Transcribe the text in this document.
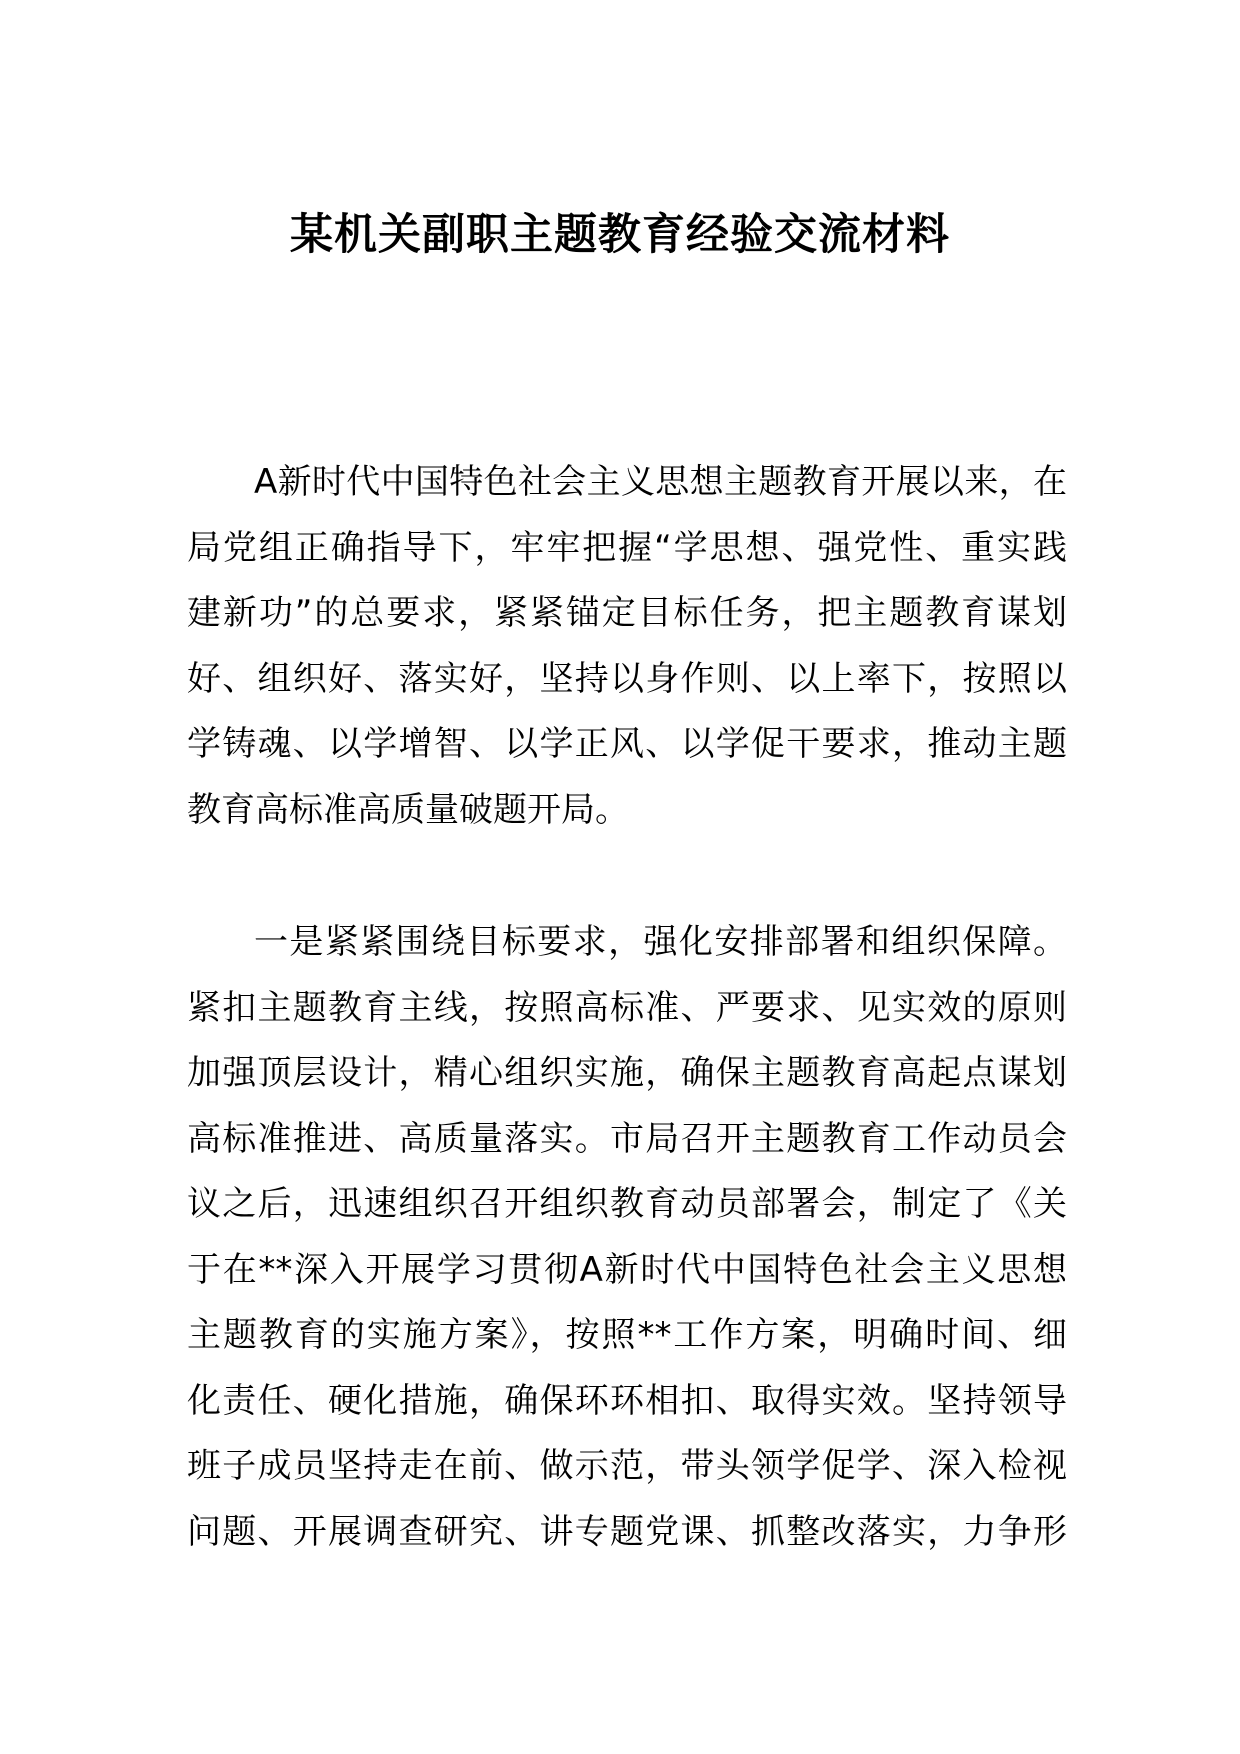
某机关副职主题教育经验交流材料
A新时代中国特色社会主义思想主题教育开展以来，在
局党组正确指导下，牢牢把握“学思想、强党性、重实践
建新功”的总要求，紧紧锚定目标任务，把主题教育谋划
好、组织好、落实好，坚持以身作则、以上率下，按照以
学铸魂、以学增智、以学正风、以学促干要求，推动主题
教育高标准高质量破题开局。
一是紧紧围绕目标要求，强化安排部署和组织保障。
紧扣主题教育主线，按照高标准、严要求、见实效的原则
加强顶层设计，精心组织实施，确保主题教育高起点谋划
高标准推进、高质量落实。市局召开主题教育工作动员会
议之后，迅速组织召开组织教育动员部署会，制定了《关
于在**深入开展学习贯彻A新时代中国特色社会主义思想
主题教育的实施方案》，按照**工作方案，明确时间、细
化责任、硬化措施，确保环环相扣、取得实效。坚持领导
班子成员坚持走在前、做示范，带头领学促学、深入检视
问题、开展调查研究、讲专题党课、抓整改落实，力争形
